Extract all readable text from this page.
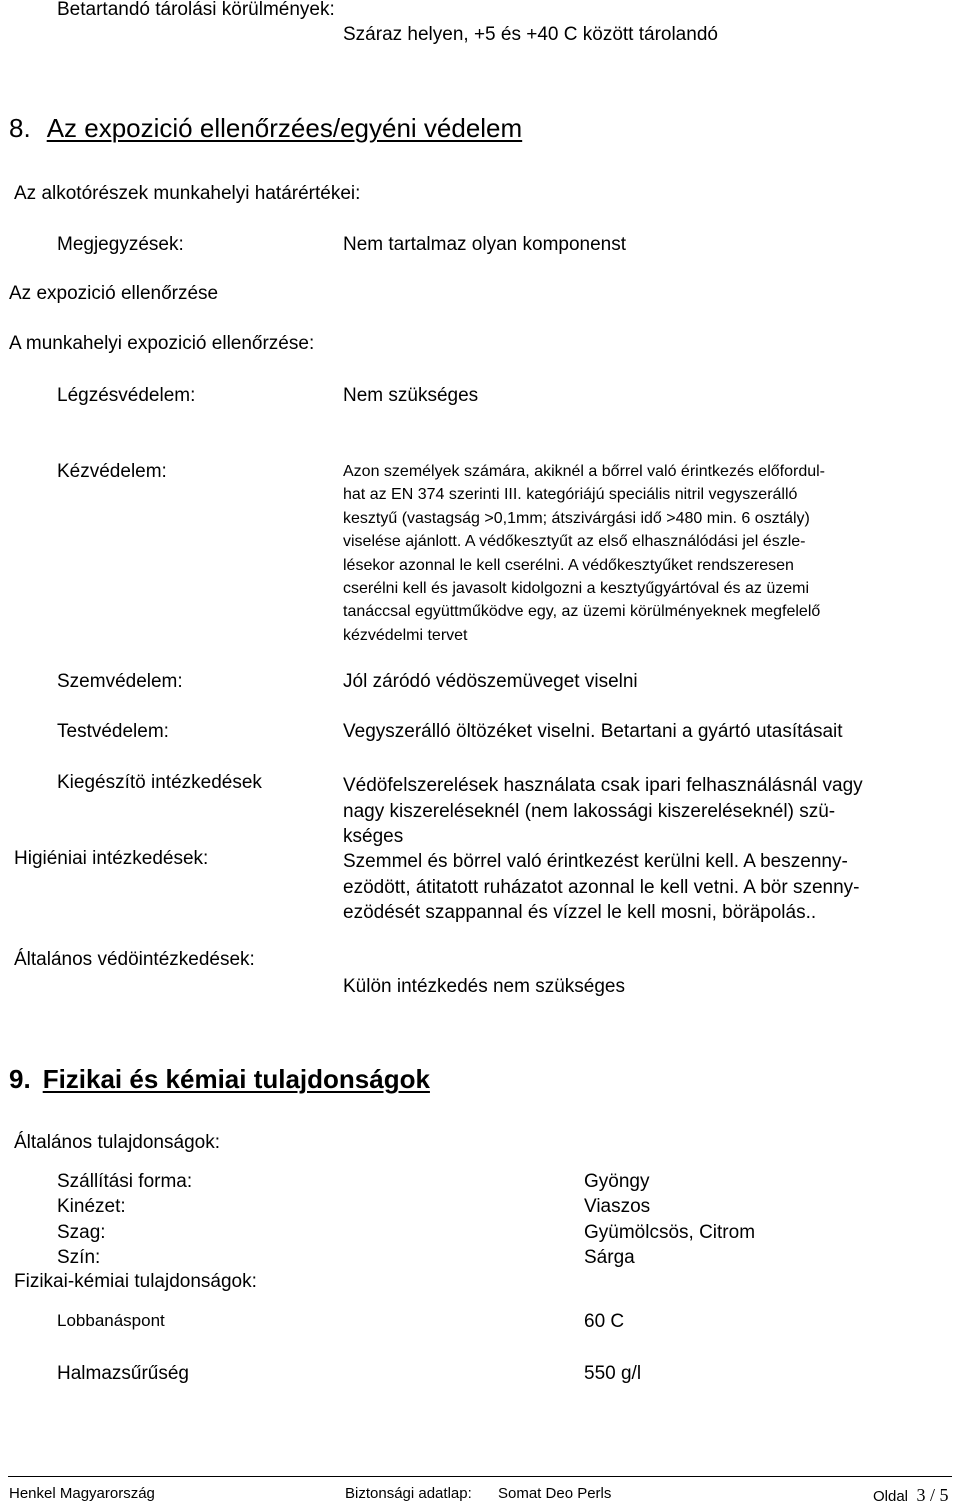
Betartandó tárolási körülmények:
Száraz helyen, +5 és +40 C között tárolandó
8. Az expozició ellenőrzées/egyéni védelem
Az alkotórészek munkahelyi határértékei:
Megjegyzések:	Nem tartalmaz olyan komponenst
Az expozició ellenőrzése
A munkahelyi expozició ellenőrzése:
Légzésvédelem:	Nem szükséges
Kézvédelem:	Azon személyek számára, akiknél a bőrrel való érintkezés előfordul-
hat az EN 374 szerinti III. kategóriájú speciális nitril vegyszerálló
kesztyű (vastagság >0,1mm; átszivárgási idő >480 min. 6 osztály)
viselése ajánlott. A védőkesztyűt az első elhasználódási jel észle-
lésekor azonnal le kell cserélni. A védőkesztyűket rendszeresen
cserélni kell és javasolt kidolgozni a kesztyűgyártóval és az üzemi
tanáccsal együttműködve egy, az üzemi körülményeknek megfelelő
kézvédelmi tervet
Szemvédelem:	Jól záródó védöszemüveget viselni
Testvédelem:	Vegyszerálló öltözéket viselni. Betartani a gyártó utasításait
Kiegészítö intézkedések	Védöfelszerelések használata csak ipari felhasználásnál vagy
nagy kiszereléseknél (nem lakossági kiszereléseknél) szü-
kséges
Higiéniai intézkedések:	Szemmel és börrel való érintkezést kerülni kell. A beszenny-
ezödött, átitatott ruházatot azonnal le kell vetni. A bör szenny-
ezödését szappannal és vízzel le kell mosni, böräpolás..
Általános védöintézkedések:
Külön intézkedés nem szükséges
9. Fizikai és kémiai tulajdonságok
Általános tulajdonságok:
Szállítási forma:	Gyöngy
Kinézet:	Viaszos
Szag:	Gyümölcsös, Citrom
Szín:	Sárga
Fizikai-kémiai tulajdonságok:
Lobbanáspont	60 C
Halmazsűrűség	550 g/l
Henkel Magyarország	Biztonsági adatlap: Somat Deo Perls	Oldal 3 / 5
